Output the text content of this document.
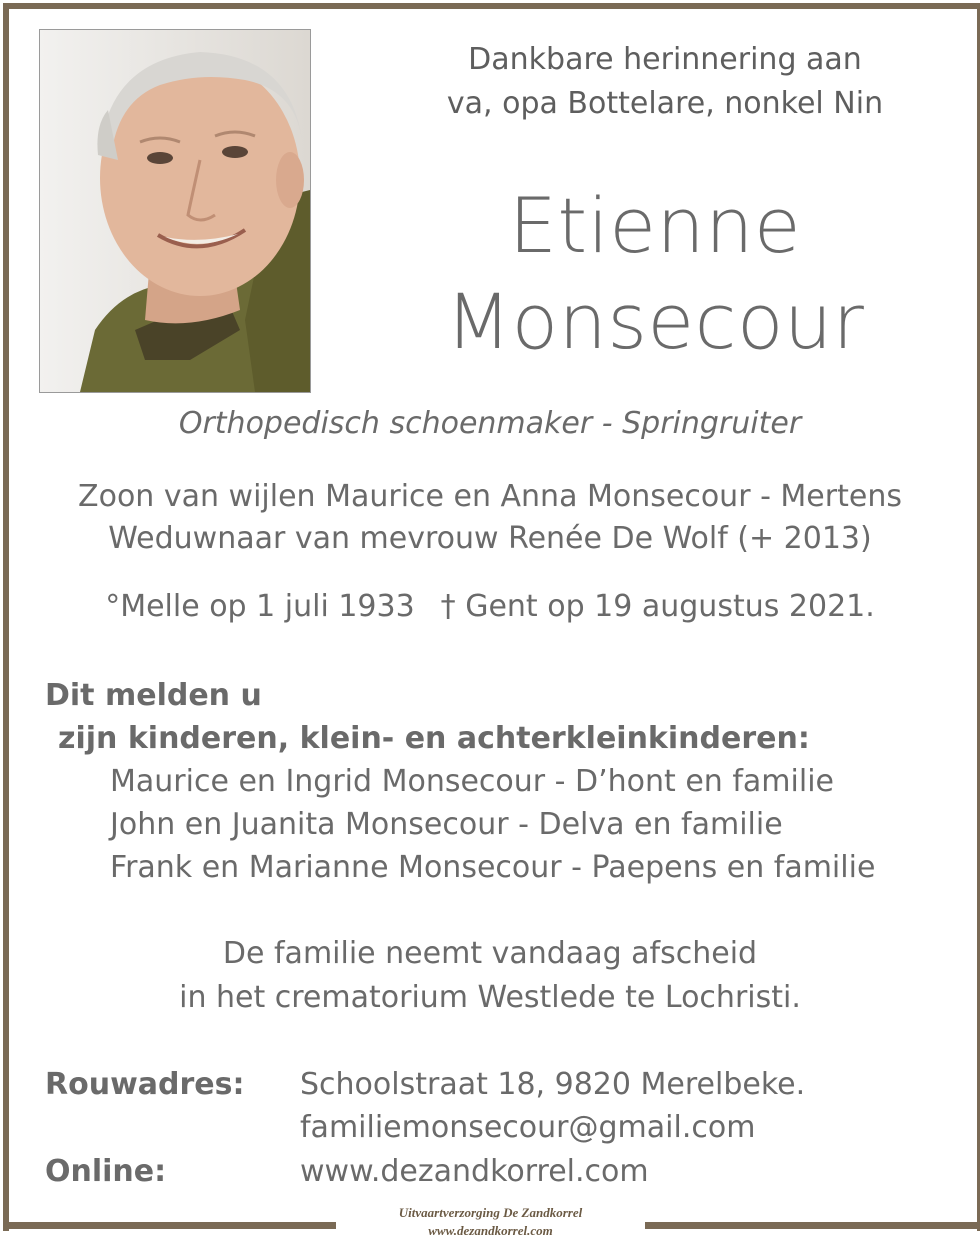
Dankbare herinnering aan
va, opa Bottelare, nonkel Nin
Etienne
Monsecour
Orthopedisch schoenmaker - Springruiter
Zoon van wijlen Maurice en Anna Monsecour - Mertens
Weduwnaar van mevrouw Renée De Wolf (+ 2013)
°Melle op 1 juli 1933 † Gent op 19 augustus 2021.
Dit melden u
zijn kinderen, klein- en achterkleinkinderen:
Maurice en Ingrid Monsecour - D’hont en familie
John en Juanita Monsecour - Delva en familie
Frank en Marianne Monsecour - Paepens en familie
De familie neemt vandaag afscheid
in het crematorium Westlede te Lochristi.
Rouwadres: Schoolstraat 18, 9820 Merelbeke.
familiemonsecour@gmail.com
Online:	www.dezandkorrel.com
Uitvaartverzorging De Zandkorrel
www.dezandkorrel.com
